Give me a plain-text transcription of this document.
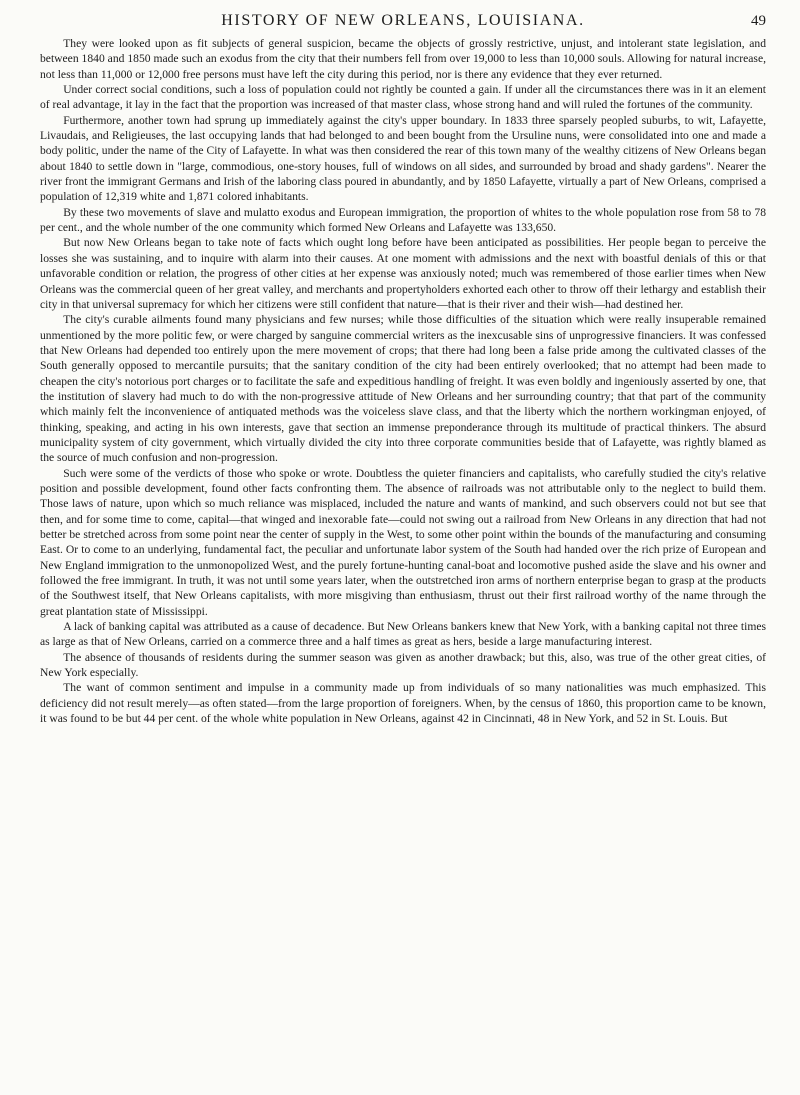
HISTORY OF NEW ORLEANS, LOUISIANA.	49

They were looked upon as fit subjects of general suspicion, became the objects of grossly restrictive, unjust, and intolerant state legislation, and between 1840 and 1850 made such an exodus from the city that their numbers fell from over 19,000 to less than 10,000 souls. Allowing for natural increase, not less than 11,000 or 12,000 free persons must have left the city during this period, nor is there any evidence that they ever returned.

Under correct social conditions, such a loss of population could not rightly be counted a gain. If under all the circumstances there was in it an element of real advantage, it lay in the fact that the proportion was increased of that master class, whose strong hand and will ruled the fortunes of the community.

Furthermore, another town had sprung up immediately against the city's upper boundary. In 1833 three sparsely peopled suburbs, to wit, Lafayette, Livaudais, and Religieuses, the last occupying lands that had belonged to and been bought from the Ursuline nuns, were consolidated into one and made a body politic, under the name of the City of Lafayette. In what was then considered the rear of this town many of the wealthy citizens of New Orleans began about 1840 to settle down in "large, commodious, one-story houses, full of windows on all sides, and surrounded by broad and shady gardens". Nearer the river front the immigrant Germans and Irish of the laboring class poured in abundantly, and by 1850 Lafayette, virtually a part of New Orleans, comprised a population of 12,319 white and 1,871 colored inhabitants.

By these two movements of slave and mulatto exodus and European immigration, the proportion of whites to the whole population rose from 58 to 78 per cent., and the whole number of the one community which formed New Orleans and Lafayette was 133,650.

But now New Orleans began to take note of facts which ought long before have been anticipated as possibilities. Her people began to perceive the losses she was sustaining, and to inquire with alarm into their causes. At one moment with admissions and the next with boastful denials of this or that unfavorable condition or relation, the progress of other cities at her expense was anxiously noted; much was remembered of those earlier times when New Orleans was the commercial queen of her great valley, and merchants and propertyholders exhorted each other to throw off their lethargy and establish their city in that universal supremacy for which her citizens were still confident that nature—that is their river and their wish—had destined her.

The city's curable ailments found many physicians and few nurses; while those difficulties of the situation which were really insuperable remained unmentioned by the more politic few, or were charged by sanguine commercial writers as the inexcusable sins of unprogressive financiers. It was confessed that New Orleans had depended too entirely upon the mere movement of crops; that there had long been a false pride among the cultivated classes of the South generally opposed to mercantile pursuits; that the sanitary condition of the city had been entirely overlooked; that no attempt had been made to cheapen the city's notorious port charges or to facilitate the safe and expeditious handling of freight. It was even boldly and ingeniously asserted by one, that the institution of slavery had much to do with the non-progressive attitude of New Orleans and her surrounding country; that that part of the community which mainly felt the inconvenience of antiquated methods was the voiceless slave class, and that the liberty which the northern workingman enjoyed, of thinking, speaking, and acting in his own interests, gave that section an immense preponderance through its multitude of practical thinkers. The absurd municipality system of city government, which virtually divided the city into three corporate communities beside that of Lafayette, was rightly blamed as the source of much confusion and non-progression.

Such were some of the verdicts of those who spoke or wrote. Doubtless the quieter financiers and capitalists, who carefully studied the city's relative position and possible development, found other facts confronting them. The absence of railroads was not attributable only to the neglect to build them. Those laws of nature, upon which so much reliance was misplaced, included the nature and wants of mankind, and such observers could not but see that then, and for some time to come, capital—that winged and inexorable fate—could not swing out a railroad from New Orleans in any direction that had not better be stretched across from some point near the center of supply in the West, to some other point within the bounds of the manufacturing and consuming East. Or to come to an underlying, fundamental fact, the peculiar and unfortunate labor system of the South had handed over the rich prize of European and New England immigration to the unmonopolized West, and the purely fortune-hunting canal-boat and locomotive pushed aside the slave and his owner and followed the free immigrant. In truth, it was not until some years later, when the outstretched iron arms of northern enterprise began to grasp at the products of the Southwest itself, that New Orleans capitalists, with more misgiving than enthusiasm, thrust out their first railroad worthy of the name through the great plantation state of Mississippi.

A lack of banking capital was attributed as a cause of decadence. But New Orleans bankers knew that New York, with a banking capital not three times as large as that of New Orleans, carried on a commerce three and a half times as great as hers, beside a large manufacturing interest.

The absence of thousands of residents during the summer season was given as another drawback; but this, also, was true of the other great cities, of New York especially.

The want of common sentiment and impulse in a community made up from individuals of so many nationalities was much emphasized. This deficiency did not result merely—as often stated—from the large proportion of foreigners. When, by the census of 1860, this proportion came to be known, it was found to be but 44 per cent. of the whole white population in New Orleans, against 42 in Cincinnati, 48 in New York, and 52 in St. Louis. But
